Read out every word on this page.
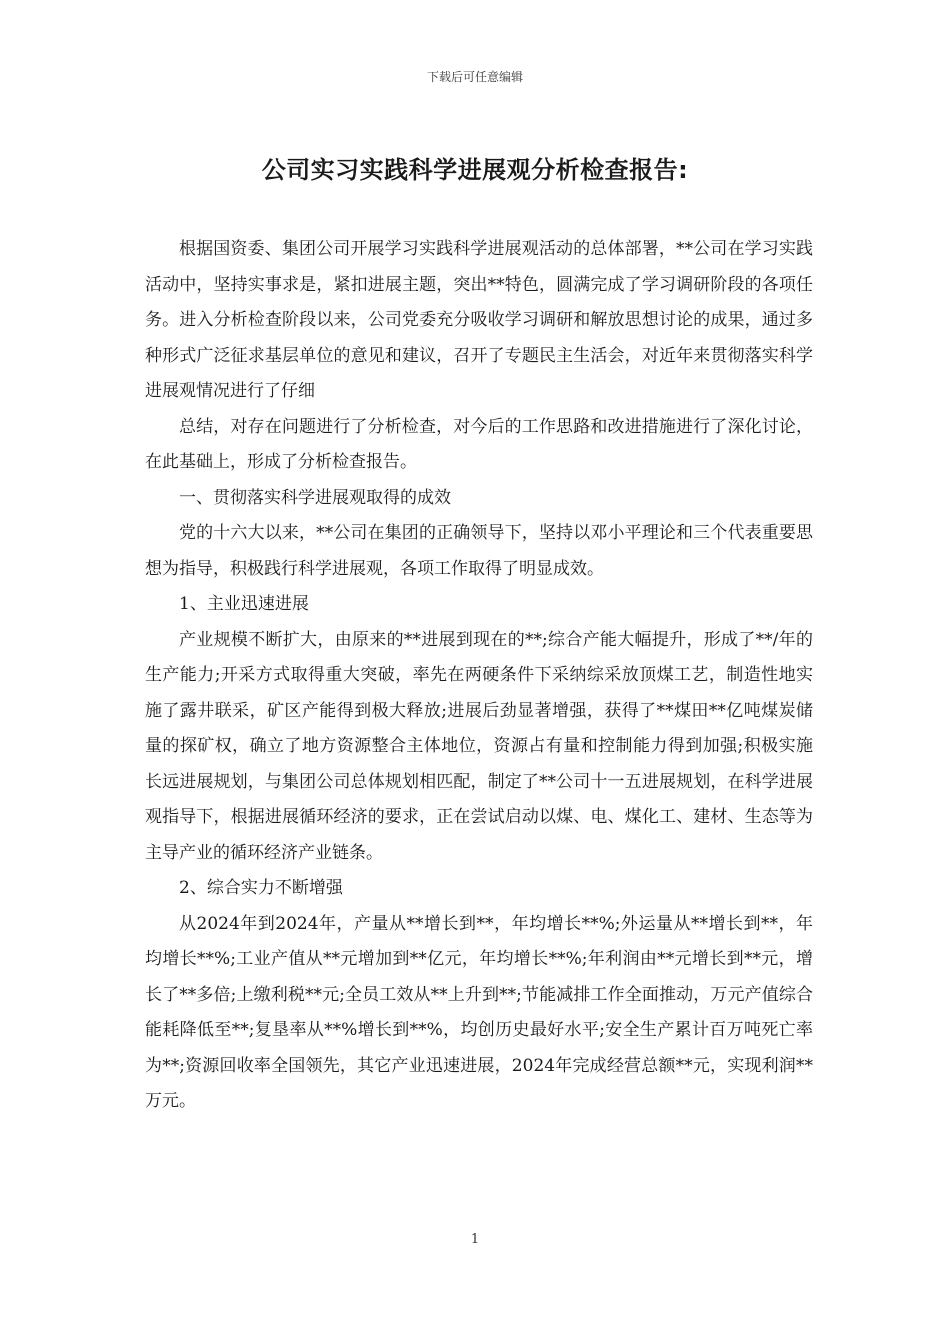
下载后可任意编辑
公司实习实践科学进展观分析检查报告:

根据国资委、集团公司开展学习实践科学进展观活动的总体部署，**公司在学习实践活动中，坚持实事求是，紧扣进展主题，突出**特色，圆满完成了学习调研阶段的各项任务。进入分析检查阶段以来，公司党委充分吸收学习调研和解放思想讨论的成果，通过多种形式广泛征求基层单位的意见和建议，召开了专题民主生活会，对近年来贯彻落实科学进展观情况进行了仔细

总结，对存在问题进行了分析检查，对今后的工作思路和改进措施进行了深化讨论，在此基础上，形成了分析检查报告。

一、贯彻落实科学进展观取得的成效

党的十六大以来，**公司在集团的正确领导下，坚持以邓小平理论和三个代表重要思想为指导，积极践行科学进展观，各项工作取得了明显成效。

1、主业迅速进展

产业规模不断扩大，由原来的**进展到现在的**;综合产能大幅提升，形成了**/年的生产能力;开采方式取得重大突破，率先在两硬条件下采纳综采放顶煤工艺，制造性地实施了露井联采，矿区产能得到极大释放;进展后劲显著增强，获得了**煤田**亿吨煤炭储量的探矿权，确立了地方资源整合主体地位，资源占有量和控制能力得到加强;积极实施长远进展规划，与集团公司总体规划相匹配，制定了**公司十一五进展规划，在科学进展观指导下，根据进展循环经济的要求，正在尝试启动以煤、电、煤化工、建材、生态等为主导产业的循环经济产业链条。

2、综合实力不断增强

从2024年到2024年，产量从**增长到**，年均增长**%;外运量从**增长到**，年均增长**%;工业产值从**元增加到**亿元，年均增长**%;年利润由**元增长到**元，增长了**多倍;上缴利税**元;全员工效从**上升到**;节能减排工作全面推动，万元产值综合能耗降低至**;复垦率从**%增长到**%，均创历史最好水平;安全生产累计百万吨死亡率为**;资源回收率全国领先，其它产业迅速进展，2024年完成经营总额**元，实现利润**万元。

1
